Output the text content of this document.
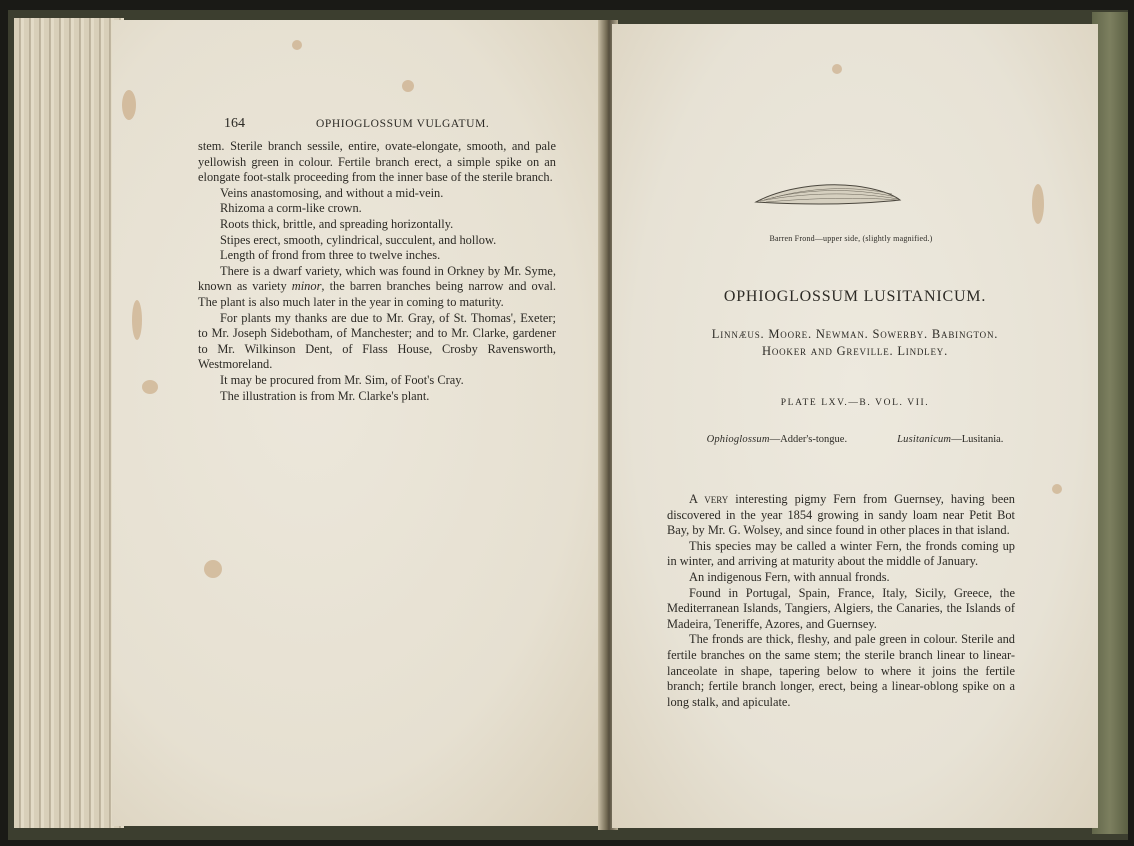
164	OPHIOGLOSSUM VULGATUM.

stem. Sterile branch sessile, entire, ovate-elongate, smooth, and pale yellowish green in colour. Fertile branch erect, a simple spike on an elongate foot-stalk proceeding from the inner base of the sterile branch.

Veins anastomosing, and without a mid-vein.

Rhizoma a corm-like crown.

Roots thick, brittle, and spreading horizontally.

Stipes erect, smooth, cylindrical, succulent, and hollow.

Length of frond from three to twelve inches.

There is a dwarf variety, which was found in Orkney by Mr. Syme, known as variety minor, the barren branches being narrow and oval. The plant is also much later in the year in coming to maturity.

For plants my thanks are due to Mr. Gray, of St. Thomas', Exeter; to Mr. Joseph Sidebotham, of Manchester; and to Mr. Clarke, gardener to Mr. Wilkinson Dent, of Flass House, Crosby Ravensworth, Westmoreland.

It may be procured from Mr. Sim, of Foot's Cray.

The illustration is from Mr. Clarke's plant.

Barren Frond—upper side, (slightly magnified.)
OPHIOGLOSSUM LUSITANICUM.
Linnæus. Moore. Newman. Sowerby. Babington.
Hooker and Greville. Lindley.
PLATE LXV.—B. VOL. VII.
Ophioglossum—Adder's-tongue.	Lusitanicum—Lusitania.

A very interesting pigmy Fern from Guernsey, having been discovered in the year 1854 growing in sandy loam near Petit Bot Bay, by Mr. G. Wolsey, and since found in other places in that island.

This species may be called a winter Fern, the fronds coming up in winter, and arriving at maturity about the middle of January.

An indigenous Fern, with annual fronds.

Found in Portugal, Spain, France, Italy, Sicily, Greece, the Mediterranean Islands, Tangiers, Algiers, the Canaries, the Islands of Madeira, Teneriffe, Azores, and Guernsey.

The fronds are thick, fleshy, and pale green in colour. Sterile and fertile branches on the same stem; the sterile branch linear to linear-lanceolate in shape, tapering below to where it joins the fertile branch; fertile branch longer, erect, being a linear-oblong spike on a long stalk, and apiculate.
